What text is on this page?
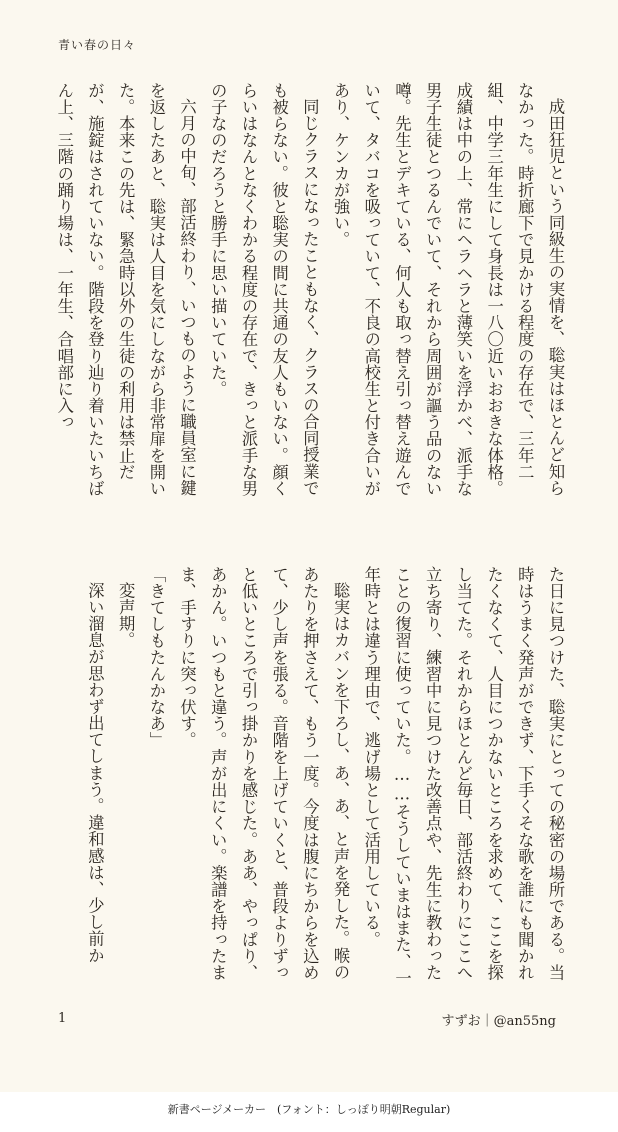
青い春の日々

成田狂児という同級生の実情を、聡実はほとんど知らなかった。時折廊下で見かける程度の存在で、三年二組、中学三年生にして身長は一八〇近いおおきな体格。成績は中の上、常にヘラヘラと薄笑いを浮かべ、派手な男子生徒とつるんでいて、それから周囲が謳う品のない噂。先生とデキている、何人も取っ替え引っ替え遊んでいて、タバコを吸っていて、不良の高校生と付き合いがあり、ケンカが強い。

同じクラスになったこともなく、クラスの合同授業でも被らない。彼と聡実の間に共通の友人もいない。顔くらいはなんとなくわかる程度の存在で、きっと派手な男の子なのだろうと勝手に思い描いていた。

六月の中旬、部活終わり、いつものように職員室に鍵を返したあと、聡実は人目を気にしながら非常扉を開いた。本来この先は、緊急時以外の生徒の利用は禁止だが、施錠はされていない。階段を登り辿り着いたいちばん上、三階の踊り場は、一年生、合唱部に入っ

た日に見つけた、聡実にとっての秘密の場所である。当時はうまく発声ができず、下手くそな歌を誰にも聞かれたくなくて、人目につかないところを求めて、ここを探し当てた。それからほとんど毎日、部活終わりにここへ立ち寄り、練習中に見つけた改善点や、先生に教わったことの復習に使っていた。……そうしていまはまた、一年時とは違う理由で、逃げ場として活用している。

聡実はカバンを下ろし、あ、あ、と声を発した。喉のあたりを押さえて、もう一度。今度は腹にちからを込めて、少し声を張る。音階を上げていくと、普段よりずっと低いところで引っ掛かりを感じた。ああ、やっぱり、あかん。いつもと違う。声が出にくい。楽譜を持ったまま、手すりに突っ伏す。

「きてしもたんかなあ」

変声期。

深い溜息が思わず出てしまう。違和感は、少し前か

1	すずお｜@an55ng
新書ページメーカー　(フォント：しっぽり明朝Regular)
